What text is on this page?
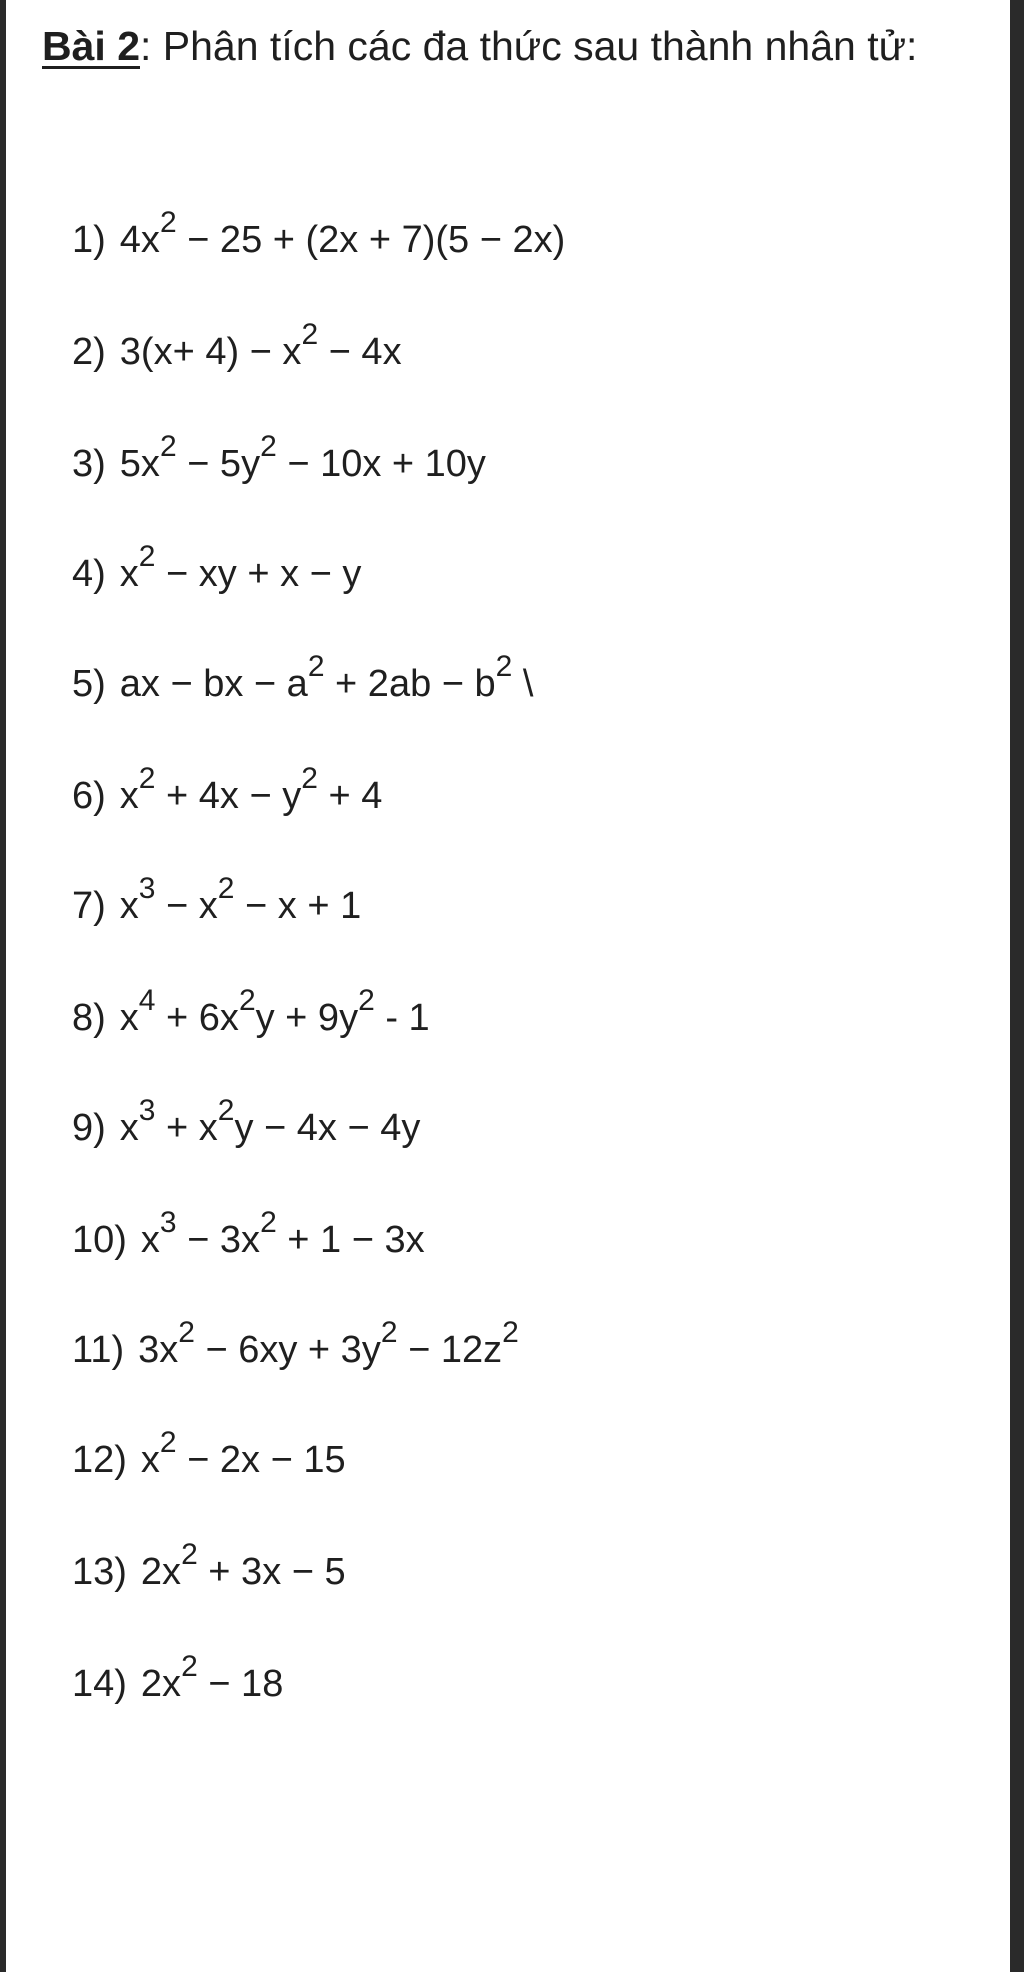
Bài 2: Phân tích các đa thức sau thành nhân tử:
1) $4x^2 - 25 + (2x + 7)(5 - 2x)$
2) $3(x+ 4) - x^2 - 4x$
3) $5x^2 - 5y^2 - 10x + 10y$
4) $x^2$ − xy + x − y
5) ax − bx − $a^2 + 2ab - b^2$ \
6) $x^2 + 4x - y^2 + 4$
7) $x^3 - x^2 - x + 1$
8) $x^4 + 6x^2y + 9y^2 - 1$
9) $x^3 + x^2y - 4x - 4y$
10) $x^3 - 3x^2 + 1 - 3x$
11) $3x^2 - 6xy + 3y^2 - 12z^2$
12) $x^2 - 2x - 15$
13) $2x^2 + 3x - 5$
14) $2x^2 - 18$
